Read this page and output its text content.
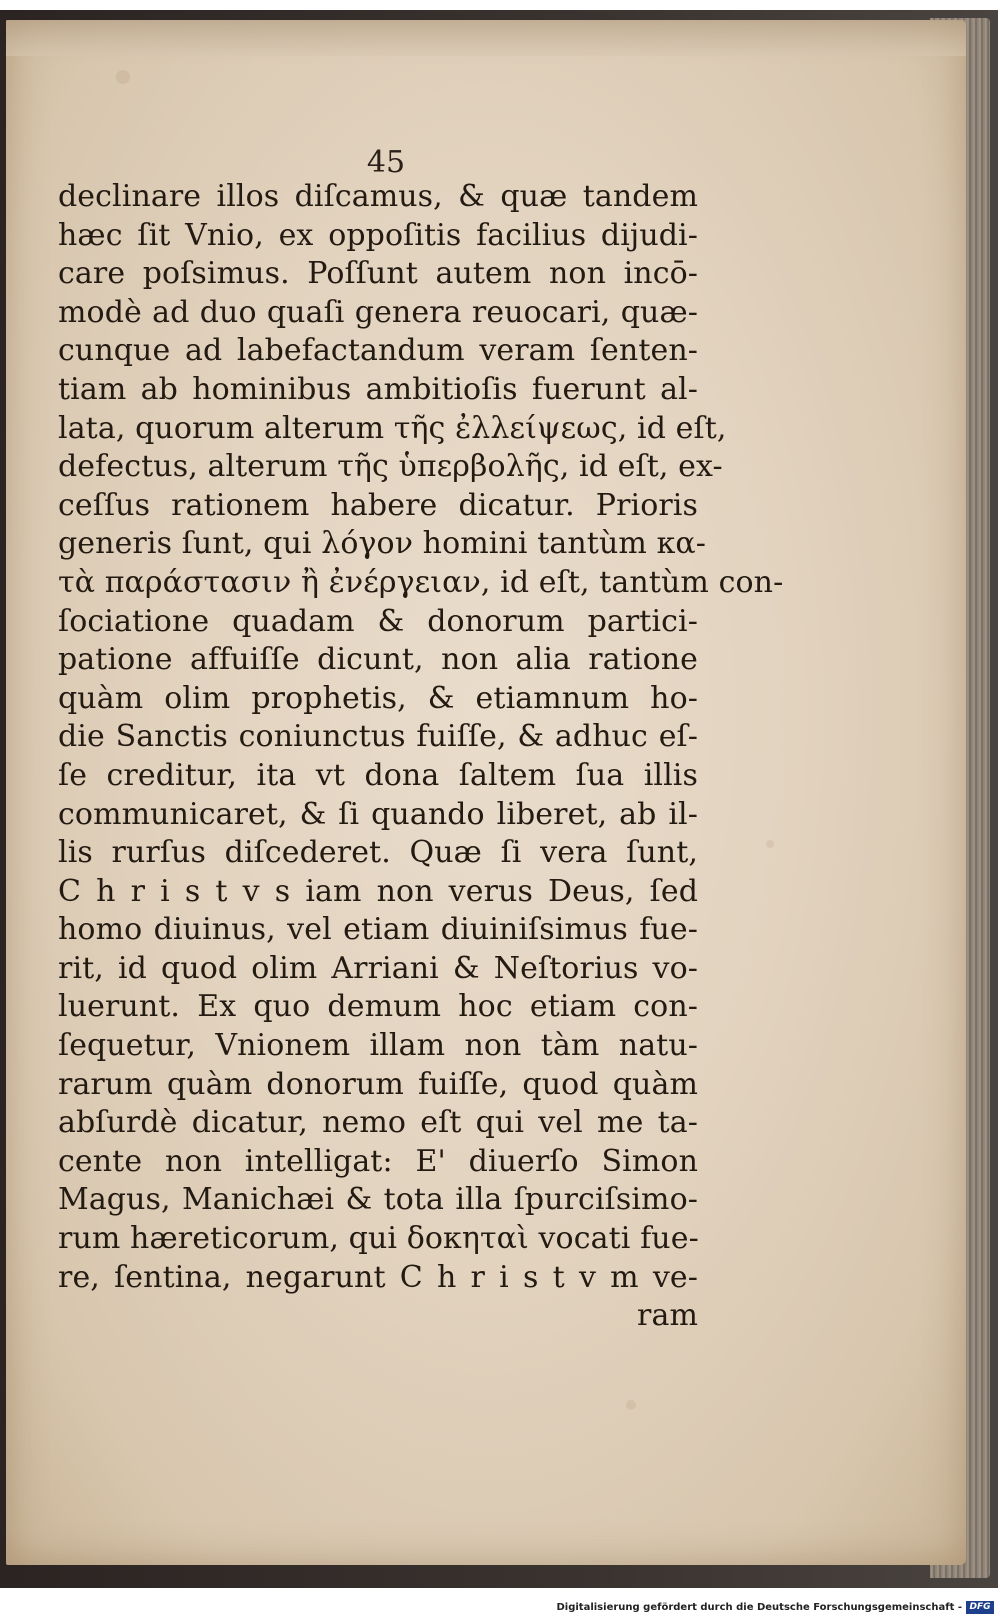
45
declinare illos diſcamus, & quæ tandem
hæc ſit Vnio, ex oppoſitis facilius dijudi-
care poſsimus. Poſſunt autem non incō-
modè ad duo quaſi genera reuocari, quæ-
cunque ad labefactandum veram ſenten-
tiam ab hominibus ambitioſis fuerunt al-
lata, quorum alterum τῆς ἐλλείψεως, id eſt,
defectus, alterum τῆς ὑπερβολῆς, id eſt, ex-
ceſſus rationem habere dicatur. Prioris
generis ſunt, qui λόγον homini tantùm κα-
τὰ παράστασιν ἢ ἐνέργειαν, id eſt, tantùm con-
ſociatione quadam & donorum partici-
patione affuiſſe dicunt, non alia ratione
quàm olim prophetis, & etiamnum ho-
die Sanctis coniunctus fuiſſe, & adhuc eſ-
ſe creditur, ita vt dona ſaltem ſua illis
communicaret, & ſi quando liberet, ab il-
lis rurſus diſcederet. Quæ ſi vera ſunt,
C h r i s t v s iam non verus Deus, ſed
homo diuinus, vel etiam diuiniſsimus fue-
rit, id quod olim Arriani & Neſtorius vo-
luerunt. Ex quo demum hoc etiam con-
ſequetur, Vnionem illam non tàm natu-
rarum quàm donorum fuiſſe, quod quàm
abſurdè dicatur, nemo eſt qui vel me ta-
cente non intelligat: E' diuerſo Simon
Magus, Manichæi & tota illa ſpurciſsimo-
rum hæreticorum, qui δοκηταὶ vocati fue-
re, ſentina, negarunt C h r i s t v m ve-
ram
Digitalisierung gefördert durch die Deutsche Forschungsgemeinschaft - DFG
